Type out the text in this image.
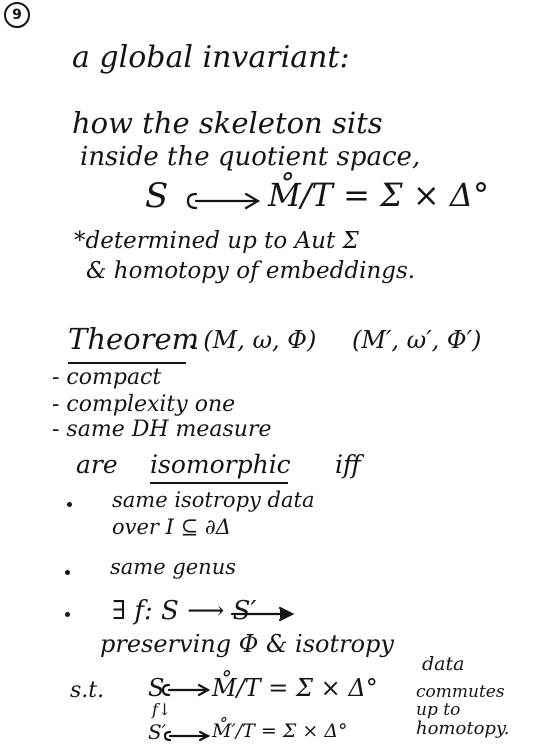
9
a global invariant:
how the skeleton sits
inside the quotient space,
S	M̊/T = Σ × Δ°
*determined up to Aut Σ
& homotopy of embeddings.
Theorem
. (M, ω, Φ) (M′, ω′, Φ′)
- compact
- complexity one
- same DH measure
are isomorphic iff
same isotropy data
over I ⊆ ∂Δ
same genus
∃ f: S ⟶ S′
preserving Φ & isotropy
data
s.t. S M̊/T = Σ × Δ°
f↓
S′ M̊′/T = Σ × Δ°
commutes
up to
homotopy.
